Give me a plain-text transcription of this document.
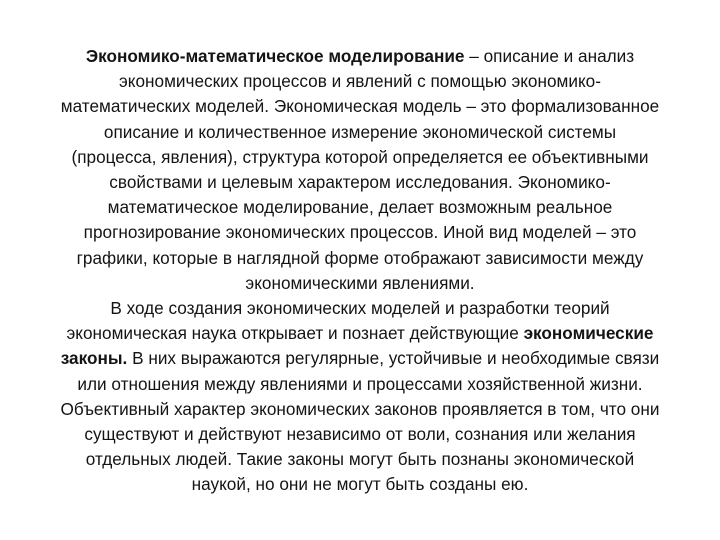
Экономико-математическое моделирование – описание и анализ
экономических процессов и явлений с помощью экономико-
математических моделей. Экономическая модель – это формализованное
описание и количественное измерение экономической системы
(процесса, явления), структура которой определяется ее объективными
свойствами и целевым характером исследования. Экономико-
математическое моделирование, делает возможным реальное
прогнозирование экономических процессов. Иной вид моделей – это
графики, которые в наглядной форме отображают зависимости между
экономическими явлениями.
В ходе создания экономических моделей и разработки теорий
экономическая наука открывает и познает действующие экономические
законы. В них выражаются регулярные, устойчивые и необходимые связи
или отношения между явлениями и процессами хозяйственной жизни.
Объективный характер экономических законов проявляется в том, что они
существуют и действуют независимо от воли, сознания или желания
отдельных людей. Такие законы могут быть познаны экономической
наукой, но они не могут быть созданы ею.
